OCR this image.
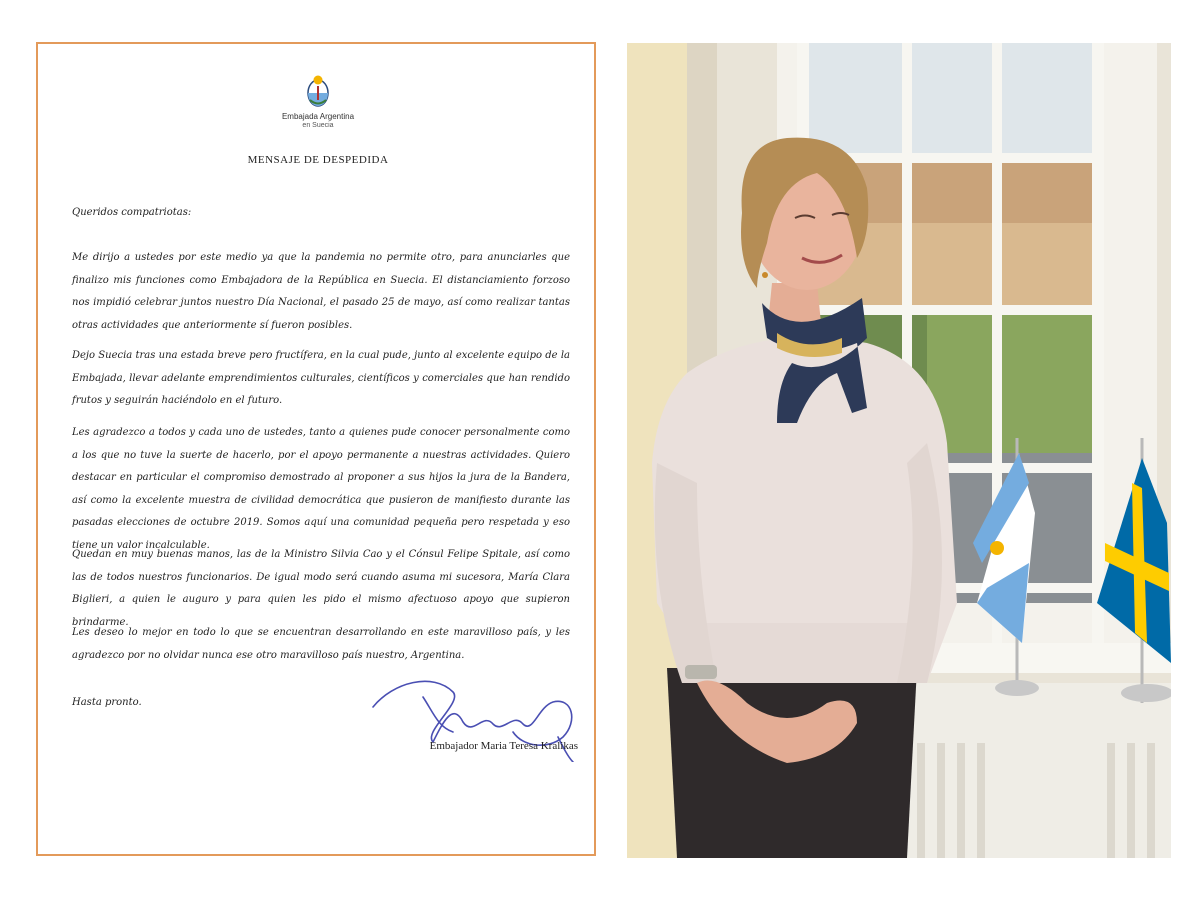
Embajada Argentina
en Suecia
MENSAJE DE DESPEDIDA

Queridos compatriotas:

Me dirijo a ustedes por este medio ya que la pandemia no permite otro, para anunciarles que finalizo mis funciones como Embajadora de la República en Suecia. El distanciamiento forzoso nos impidió celebrar juntos nuestro Día Nacional, el pasado 25 de mayo, así como realizar tantas otras actividades que anteriormente sí fueron posibles.

Dejo Suecia tras una estada breve pero fructífera, en la cual pude, junto al excelente equipo de la Embajada, llevar adelante emprendimientos culturales, científicos y comerciales que han rendido frutos y seguirán haciéndolo en el futuro.

Les agradezco a todos y cada uno de ustedes, tanto a quienes pude conocer personalmente como a los que no tuve la suerte de hacerlo, por el apoyo permanente a nuestras actividades. Quiero destacar en particular el compromiso demostrado al proponer a sus hijos la jura de la Bandera, así como la excelente muestra de civilidad democrática que pusieron de manifiesto durante las pasadas elecciones de octubre 2019. Somos aquí una comunidad pequeña pero respetada y eso tiene un valor incalculable.

Quedan en muy buenas manos, las de la Ministro Silvia Cao y el Cónsul Felipe Spitale, así como las de todos nuestros funcionarios. De igual modo será cuando asuma mi sucesora, María Clara Biglieri, a quien le auguro y para quien les pido el mismo afectuoso apoyo que supieron brindarme.

Les deseo lo mejor en todo lo que se encuentran desarrollando en este maravilloso país, y les agradezco por no olvidar nunca ese otro maravilloso país nuestro, Argentina.

Hasta pronto.

Embajador Maria Teresa Kralikas
